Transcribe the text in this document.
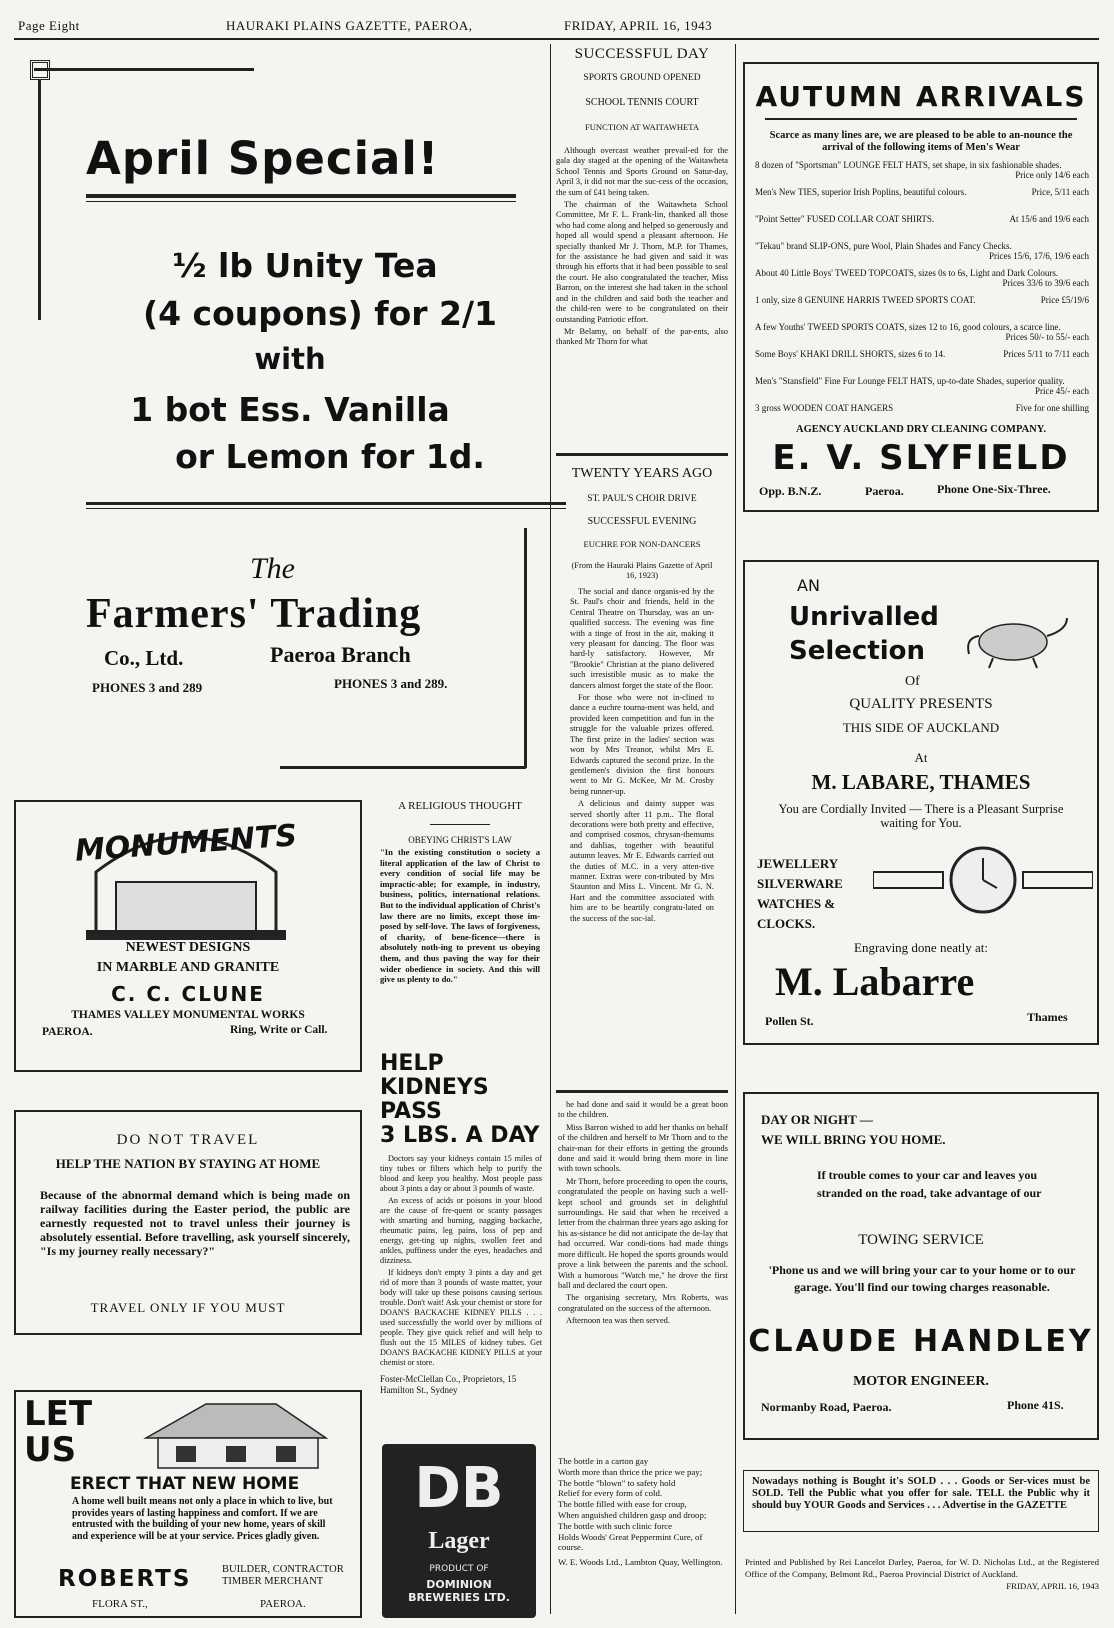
Page Eight	HAURAKI PLAINS GAZETTE, PAEROA,	FRIDAY, APRIL 16, 1943
April Special!
½ lb Unity Tea
(4 coupons) for 2/1
with
1 bot Ess. Vanilla
or Lemon for 1d.
The
Farmers' Trading
Co., Ltd.	Paeroa Branch
PHONES 3 and 289	PHONES 3 and 289.
MONUMENTS
NEWEST DESIGNS
IN MARBLE AND GRANITE
C. C. CLUNE
THAMES VALLEY MONUMENTAL WORKS
PAEROA.	Ring, Write or Call.
DO NOT TRAVEL
HELP THE NATION BY STAYING AT HOME
Because of the abnormal demand which is being made on railway facilities during the Easter period, the public are earnestly requested not to travel unless their journey is absolutely essential. Before travelling, ask yourself sincerely, "Is my journey really necessary?"
TRAVEL ONLY IF YOU MUST
LET US
ERECT THAT NEW HOME
A home well built means not only a place in which to live, but provides years of lasting happiness and comfort. If we are entrusted with the building of your new home, years of skill and experience will be at your service. Prices gladly given.
ROBERTS	BUILDER, CONTRACTOR
TIMBER MERCHANT
FLORA ST.,	PAEROA.
A RELIGIOUS THOUGHT
OBEYING CHRIST'S LAW
"In the existing constitution o society a literal application of the law of Christ to every condition of social life may be impractic-able; for example, in industry, business, politics, international relations. But to the individual application of Christ's law there are no limits, except those im-posed by self-love. The laws of forgiveness, of charity, of bene-ficence—there is absolutely noth-ing to prevent us obeying them, and thus paving the way for their wider obedience in society. And this will give us plenty to do."
HELP
KIDNEYS PASS
3 LBS. A DAY

Doctors say your kidneys contain 15 miles of tiny tubes or filters which help to purify the blood and keep you healthy. Most people pass about 3 pints a day or about 3 pounds of waste.

An excess of acids or poisons in your blood are the cause of fre-quent or scanty passages with smarting and burning, nagging backache, rheumatic pains, leg pains, loss of pep and energy, get-ting up nights, swollen feet and ankles, puffiness under the eyes, headaches and dizziness.

If kidneys don't empty 3 pints a day and get rid of more than 3 pounds of waste matter, your body will take up these poisons causing serious trouble. Don't wait! Ask your chemist or store for DOAN'S BACKACHE KIDNEY PILLS . . . used successfully the world over by millions of people. They give quick relief and will help to flush out the 15 MILES of kidney tubes. Get DOAN'S BACKACHE KIDNEY PILLS at your chemist or store.

Foster-McClellan Co., Proprietors, 15 Hamilton St., Sydney
DB
Lager
PRODUCT OF
DOMINION BREWERIES LTD.
SUCCESSFUL DAY
SPORTS GROUND OPENED
SCHOOL TENNIS COURT
FUNCTION AT WAITAWHETA

Although overcast weather prevail-ed for the gala day staged at the opening of the Waitawheta School Tennis and Sports Ground on Satur-day, April 3, it did not mar the suc-cess of the occasion, the sum of £41 being taken.

The chairman of the Waitawheta School Committee, Mr F. L. Frank-lin, thanked all those who had come along and helped so generously and hoped all would spend a pleasant afternoon. He specially thanked Mr J. Thorn, M.P. for Thames, for the assistance he had given and said it was through his efforts that it had been possible to seal the court. He also congratulated the teacher, Miss Barron, on the interest she had taken in the school and in the children and said both the teacher and the child-ren were to be congratulated on their outstanding Patriotic effort.

Mr Belamy, on behalf of the par-ents, also thanked Mr Thorn for what

TWENTY YEARS AGO
ST. PAUL'S CHOIR DRIVE
SUCCESSFUL EVENING
EUCHRE FOR NON-DANCERS
(From the Hauraki Plains Gazette of April 16, 1923)

The social and dance organis-ed by the St. Paul's choir and friends, held in the Central Theatre on Thursday, was an un-qualified success. The evening was fine with a tinge of frost in the air, making it very pleasant for dancing. The floor was hard-ly satisfactory. However, Mr "Brookie" Christian at the piano delivered such irresistible music as to make the dancers almost forget the state of the floor.

For those who were not in-clined to dance a euchre tourna-ment was held, and provided keen competition and fun in the struggle for the valuable prizes offered. The first prize in the ladies' section was won by Mrs Treanor, whilst Mrs E. Edwards captured the second prize. In the gentlemen's division the first honours went to Mr G. McKee, Mr M. Crosby being runner-up.

A delicious and dainty supper was served shortly after 11 p.m.. The floral decorations were both pretty and effective, and comprised cosmos, chrysan-themums and dahlias, together with beautiful autumn leaves. Mr E. Edwards carried out the duties of M.C. in a very atten-tive manner. Extras were con-tributed by Mrs Staunton and Miss L. Vincent. Mr G. N. Hart and the committee associated with him are to be heartily congratu-lated on the success of the soc-ial.

he had done and said it would be a great boon to the children.

Miss Barron wished to add her thanks on behalf of the children and herself to Mr Thorn and to the chair-man for their efforts in getting the grounds done and said it would bring them more in line with town schools.

Mr Thorn, before proceeding to open the courts, congratulated the people on having such a well-kept school and grounds set in delightful surroundings. He said that when he received a letter from the chairman three years ago asking for his as-sistance he did not anticipate the de-lay that had occurred. War condi-tions had made things more difficult. He hoped the sports grounds would prove a link between the parents and the school. With a humorous "Watch me," he drove the first ball and declared the court open.

The organising secretary, Mrs Roberts, was congratulated on the success of the afternoon.

Afternoon tea was then served.

The bottle in a carton gay
Worth more than thrice the price we pay;
The bottle "blown" to safety hold
Relief for every form of cold.
The bottle filled with ease for croup,
When anguished children gasp and droop;
The bottle with such clinic force
Holds Woods' Great Peppermint Cure, of course.
W. E. Woods Ltd., Lambton Quay, Wellington.
AUTUMN ARRIVALS
Scarce as many lines are, we are pleased to be able to an-nounce the arrival of the following items of Men's Wear
8 dozen of "Sportsman" LOUNGE FELT HATS, set shape, in six fashionable shades.
Price only 14/6 each
Men's New TIES, superior Irish Poplins, beautiful colours.	Price, 5/11 each
"Point Setter" FUSED COLLAR COAT SHIRTS.	At 15/6 and 19/6 each
"Tekau" brand SLIP-ONS, pure Wool, Plain Shades and Fancy Checks.
Prices 15/6, 17/6, 19/6 each
About 40 Little Boys' TWEED TOPCOATS, sizes 0s to 6s, Light and Dark Colours.
Prices 33/6 to 39/6 each
1 only, size 8 GENUINE HARRIS TWEED SPORTS COAT.	Price £5/19/6
A few Youths' TWEED SPORTS COATS, sizes 12 to 16, good colours, a scarce line.
Prices 50/- to 55/- each
Some Boys' KHAKI DRILL SHORTS, sizes 6 to 14.	Prices 5/11 to 7/11 each
Men's "Stansfield" Fine Fur Lounge FELT HATS, up-to-date Shades, superior quality.
Price 45/- each
3 gross WOODEN COAT HANGERS	Five for one shilling
AGENCY AUCKLAND DRY CLEANING COMPANY.
E. V. SLYFIELD
Opp. B.N.Z.	Paeroa.	Phone One-Six-Three.
AN
Unrivalled
Selection
Of
QUALITY PRESENTS
THIS SIDE OF AUCKLAND
At
M. LABARE, THAMES
You are Cordially Invited — There is a Pleasant Surprise waiting for You.
JEWELLERY
SILVERWARE
WATCHES &
CLOCKS.
Engraving done neatly at:
M. Labarre
Pollen St.	Thames
DAY OR NIGHT —
WE WILL BRING YOU HOME.
If trouble comes to your car and leaves you stranded on the road, take advantage of our
TOWING SERVICE
'Phone us and we will bring your car to your home or to our garage. You'll find our towing charges reasonable.
CLAUDE HANDLEY
MOTOR ENGINEER.
Normanby Road, Paeroa.	Phone 41S.
Nowadays nothing is Bought it's SOLD . . . Goods or Ser-vices must be SOLD. Tell the Public what you offer for sale. TELL the Public why it should buy YOUR Goods and Services . . . Advertise in the GAZETTE
Printed and Published by Rei Lancelot Darley, Paeroa, for W. D. Nicholas Ltd., at the Registered Office of the Company, Belmont Rd., Paeroa Provincial District of Auckland.
FRIDAY, APRIL 16, 1943
